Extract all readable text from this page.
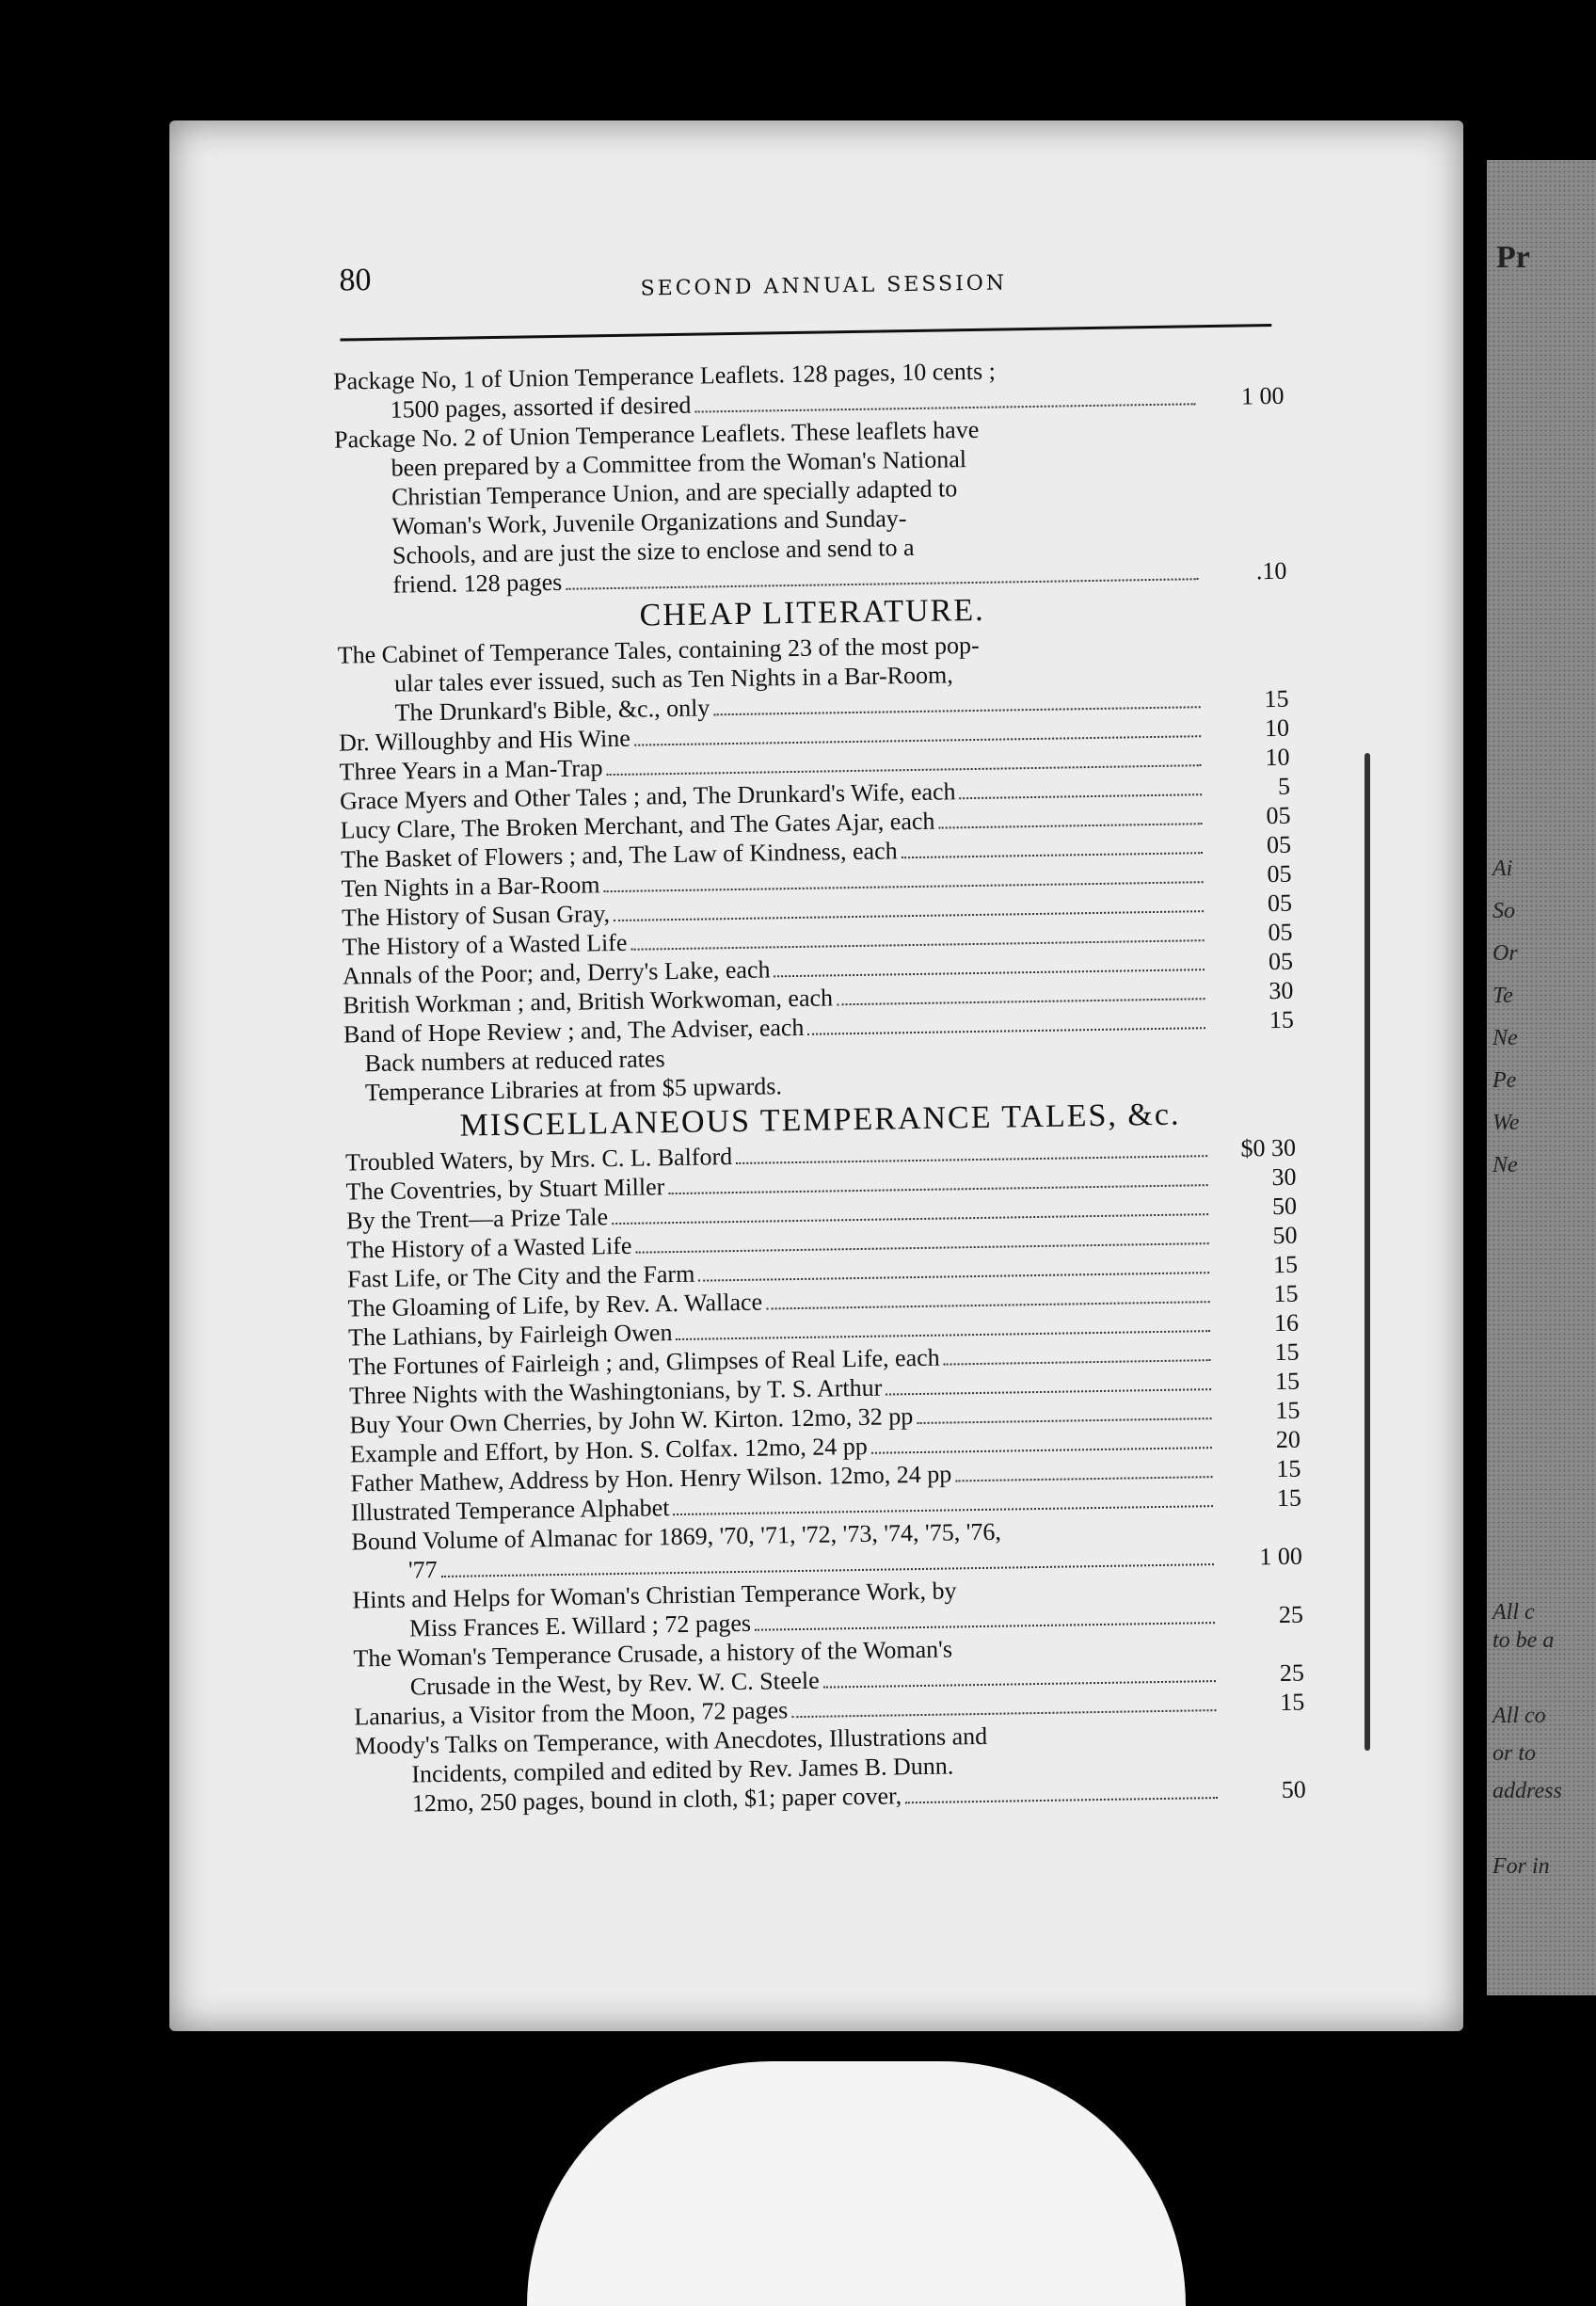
Pr
Ai
So
Or
Te
Ne
Pe
We
Ne
All c
to be a
All co
or to
address
For in
80	SECOND ANNUAL SESSION
Package No, 1 of Union Temperance Leaflets. 128 pages, 10 cents ;
1500 pages, assorted if desired	1 00
Package No. 2 of Union Temperance Leaflets. These leaflets have
been prepared by a Committee from the Woman's National
Christian Temperance Union, and are specially adapted to
Woman's Work, Juvenile Organizations and Sunday-
Schools, and are just the size to enclose and send to a
friend. 128 pages	.10
CHEAP LITERATURE.
The Cabinet of Temperance Tales, containing 23 of the most pop-
ular tales ever issued, such as Ten Nights in a Bar-Room,
The Drunkard's Bible, &c., only	15
Dr. Willoughby and His Wine	10
Three Years in a Man-Trap	10
Grace Myers and Other Tales ; and, The Drunkard's Wife, each	5
Lucy Clare, The Broken Merchant, and The Gates Ajar, each	05
The Basket of Flowers ; and, The Law of Kindness, each	05
Ten Nights in a Bar-Room	05
The History of Susan Gray,	05
The History of a Wasted Life	05
Annals of the Poor; and, Derry's Lake, each	05
British Workman ; and, British Workwoman, each	30
Band of Hope Review ; and, The Adviser, each	15
Back numbers at reduced rates
Temperance Libraries at from $5 upwards.
MISCELLANEOUS TEMPERANCE TALES, &c.
Troubled Waters, by Mrs. C. L. Balford	$0 30
The Coventries, by Stuart Miller	30
By the Trent—a Prize Tale	50
The History of a Wasted Life	50
Fast Life, or The City and the Farm	15
The Gloaming of Life, by Rev. A. Wallace	15
The Lathians, by Fairleigh Owen	16
The Fortunes of Fairleigh ; and, Glimpses of Real Life, each	15
Three Nights with the Washingtonians, by T. S. Arthur	15
Buy Your Own Cherries, by John W. Kirton. 12mo, 32 pp	15
Example and Effort, by Hon. S. Colfax. 12mo, 24 pp	20
Father Mathew, Address by Hon. Henry Wilson. 12mo, 24 pp	15
Illustrated Temperance Alphabet	15
Bound Volume of Almanac for 1869, '70, '71, '72, '73, '74, '75, '76,
'77	1 00
Hints and Helps for Woman's Christian Temperance Work, by
Miss Frances E. Willard ; 72 pages	25
The Woman's Temperance Crusade, a history of the Woman's
Crusade in the West, by Rev. W. C. Steele	25
Lanarius, a Visitor from the Moon, 72 pages	15
Moody's Talks on Temperance, with Anecdotes, Illustrations and
Incidents, compiled and edited by Rev. James B. Dunn.
12mo, 250 pages, bound in cloth, $1; paper cover,	50
